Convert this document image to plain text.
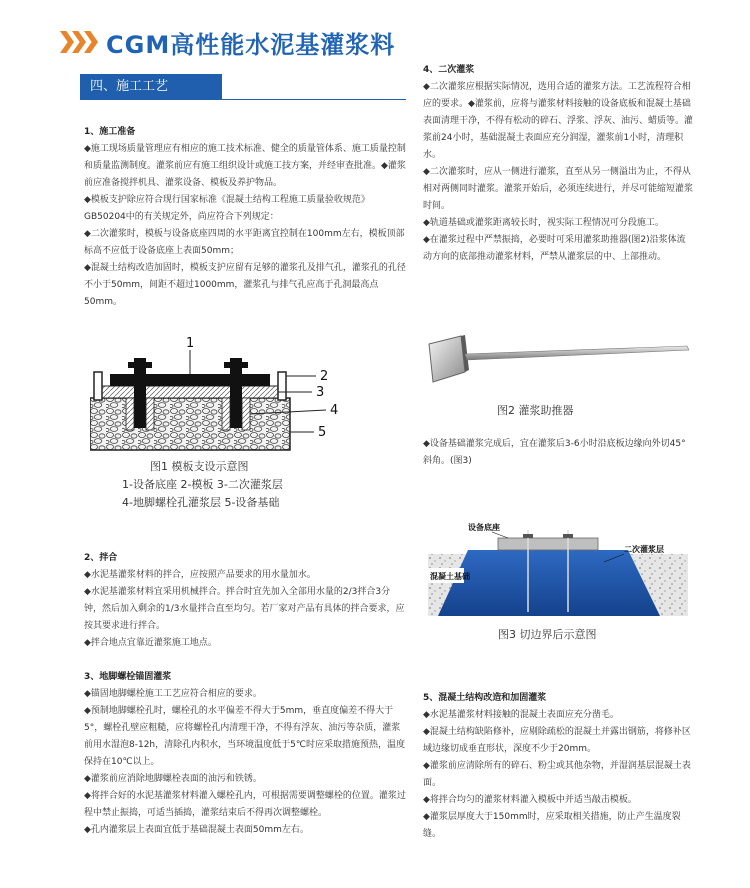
CGM高性能水泥基灌浆料
四、施工工艺

1、施工准备

◆施工现场质量管理应有相应的施工技术标准、健全的质量管体系、施工质量控制和质量监测制度。灌浆前应有施工组织设计或施工技方案，并经审查批准。◆灌浆前应准备搅拌机具、灌浆设备、模板及养护物品。

◆模板支护除应符合现行国家标准《混凝土结构工程施工质量验收规范》GB50204中的有关规定外，尚应符合下列规定：

◆二次灌浆时，模板与设备底座四周的水平距离宜控制在100mm左右，模板顶部标高不应低于设备底座上表面50mm；

◆混凝土结构改造加固时，模板支护应留有足够的灌浆孔及排气孔，灌浆孔的孔径不小于50mm，间距不超过1000mm，灌浆孔与排气孔应高于孔洞最高点50mm。

1
2
3
4
5
图1 模板支设示意图
1-设备底座 2-模板 3-二次灌浆层
4-地脚螺栓孔灌浆层 5-设备基础

2、拌合

◆水泥基灌浆材料的拌合，应按照产品要求的用水量加水。

◆水泥基灌浆材料宜采用机械拌合。拌合时宜先加入全部用水量的2/3拌合3分钟，然后加入剩余的1/3水量拌合直至均匀。若厂家对产品有具体的拌合要求，应按其要求进行拌合。

◆拌合地点宜靠近灌浆施工地点。

3、地脚螺栓锚固灌浆

◆锚固地脚螺栓施工工艺应符合相应的要求。

◆预制地脚螺栓孔时，螺栓孔的水平偏差不得大于5mm，垂直度偏差不得大于5°，螺栓孔壁应粗糙，应将螺栓孔内清理干净，不得有浮灰、油污等杂质，灌浆前用水湿泡8-12h，清除孔内积水，当环境温度低于5℃时应采取措施预热，温度保持在10℃以上。

◆灌浆前应消除地脚螺栓表面的油污和铁锈。

◆将拌合好的水泥基灌浆材料灌入螺栓孔内，可根据需要调整螺栓的位置。灌浆过程中禁止振捣，可适当插捣，灌浆结束后不得再次调整螺栓。

◆孔内灌浆层上表面宜低于基础混凝土表面50mm左右。

4、二次灌浆

◆二次灌浆应根据实际情况，选用合适的灌浆方法。工艺流程符合相应的要求。◆灌浆前，应将与灌浆材料接触的设备底板和混凝土基础表面清理干净，不得有松动的碎石、浮浆、浮灰、油污、蜡质等。灌浆前24小时，基础混凝土表面应充分润湿，灌浆前1小时，清理积水。

◆二次灌浆时，应从一侧进行灌浆，直至从另一侧溢出为止，不得从相对两侧同时灌浆。灌浆开始后，必须连续进行，并尽可能缩短灌浆时间。

◆轨道基础或灌浆距离较长时，视实际工程情况可分段施工。

◆在灌浆过程中严禁振捣，必要时可采用灌浆助推器(图2)沿浆体流动方向的底部推动灌浆材料，严禁从灌浆层的中、上部推动。

图2 灌浆助推器

◆设备基础灌浆完成后，宜在灌浆后3-6小时沿底板边缘向外切45°斜角。(图3)

混凝土基础
设备底座
二次灌浆层
图3 切边界后示意图

5、混凝土结构改造和加固灌浆

◆水泥基灌浆材料接触的混凝土表面应充分凿毛。

◆混凝土结构缺陷修补，应剔除疏松的混凝土并露出钢筋，将修补区域边缘切成垂直形状，深度不少于20mm。

◆灌浆前应清除所有的碎石、粉尘或其他杂物，并湿润基层混凝土表面。

◆将拌合均匀的灌浆材料灌入模板中并适当敲击模板。

◆灌浆层厚度大于150mm时，应采取相关措施，防止产生温度裂缝。
